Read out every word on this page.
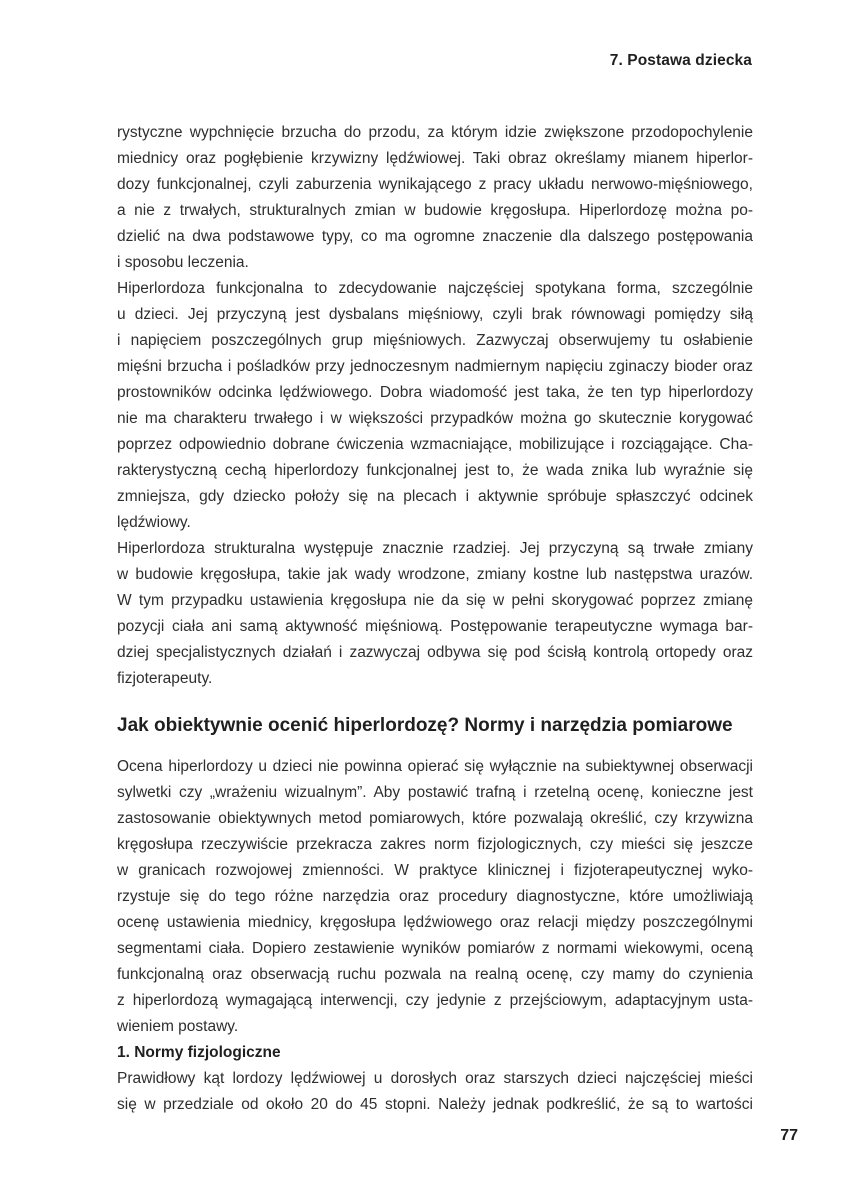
7. Postawa dziecka

rystyczne wypchnięcie brzucha do przodu, za którym idzie zwiększone przodopochylenie
miednicy oraz pogłębienie krzywizny lędźwiowej. Taki obraz określamy mianem hiperlor-
dozy funkcjonalnej, czyli zaburzenia wynikającego z pracy układu nerwowo-mięśniowego,
a nie z trwałych, strukturalnych zmian w budowie kręgosłupa. Hiperlordozę można po-
dzielić na dwa podstawowe typy, co ma ogromne znaczenie dla dalszego postępowania
i sposobu leczenia.

Hiperlordoza funkcjonalna to zdecydowanie najczęściej spotykana forma, szczególnie
u dzieci. Jej przyczyną jest dysbalans mięśniowy, czyli brak równowagi pomiędzy siłą
i napięciem poszczególnych grup mięśniowych. Zazwyczaj obserwujemy tu osłabienie
mięśni brzucha i pośladków przy jednoczesnym nadmiernym napięciu zginaczy bioder oraz
prostowników odcinka lędźwiowego. Dobra wiadomość jest taka, że ten typ hiperlordozy
nie ma charakteru trwałego i w większości przypadków można go skutecznie korygować
poprzez odpowiednio dobrane ćwiczenia wzmacniające, mobilizujące i rozciągające. Cha-
rakterystyczną cechą hiperlordozy funkcjonalnej jest to, że wada znika lub wyraźnie się
zmniejsza, gdy dziecko położy się na plecach i aktywnie spróbuje spłaszczyć odcinek
lędźwiowy.

Hiperlordoza strukturalna występuje znacznie rzadziej. Jej przyczyną są trwałe zmiany
w budowie kręgosłupa, takie jak wady wrodzone, zmiany kostne lub następstwa urazów.
W tym przypadku ustawienia kręgosłupa nie da się w pełni skorygować poprzez zmianę
pozycji ciała ani samą aktywność mięśniową. Postępowanie terapeutyczne wymaga bar-
dziej specjalistycznych działań i zazwyczaj odbywa się pod ścisłą kontrolą ortopedy oraz
fizjoterapeuty.

Jak obiektywnie ocenić hiperlordozę? Normy i narzędzia pomiarowe

Ocena hiperlordozy u dzieci nie powinna opierać się wyłącznie na subiektywnej obserwacji
sylwetki czy „wrażeniu wizualnym”. Aby postawić trafną i rzetelną ocenę, konieczne jest
zastosowanie obiektywnych metod pomiarowych, które pozwalają określić, czy krzywizna
kręgosłupa rzeczywiście przekracza zakres norm fizjologicznych, czy mieści się jeszcze
w granicach rozwojowej zmienności. W praktyce klinicznej i fizjoterapeutycznej wyko-
rzystuje się do tego różne narzędzia oraz procedury diagnostyczne, które umożliwiają
ocenę ustawienia miednicy, kręgosłupa lędźwiowego oraz relacji między poszczególnymi
segmentami ciała. Dopiero zestawienie wyników pomiarów z normami wiekowymi, oceną
funkcjonalną oraz obserwacją ruchu pozwala na realną ocenę, czy mamy do czynienia
z hiperlordozą wymagającą interwencji, czy jedynie z przejściowym, adaptacyjnym usta-
wieniem postawy.

1. Normy fizjologiczne

Prawidłowy kąt lordozy lędźwiowej u dorosłych oraz starszych dzieci najczęściej mieści
się w przedziale od około 20 do 45 stopni. Należy jednak podkreślić, że są to wartości

77
